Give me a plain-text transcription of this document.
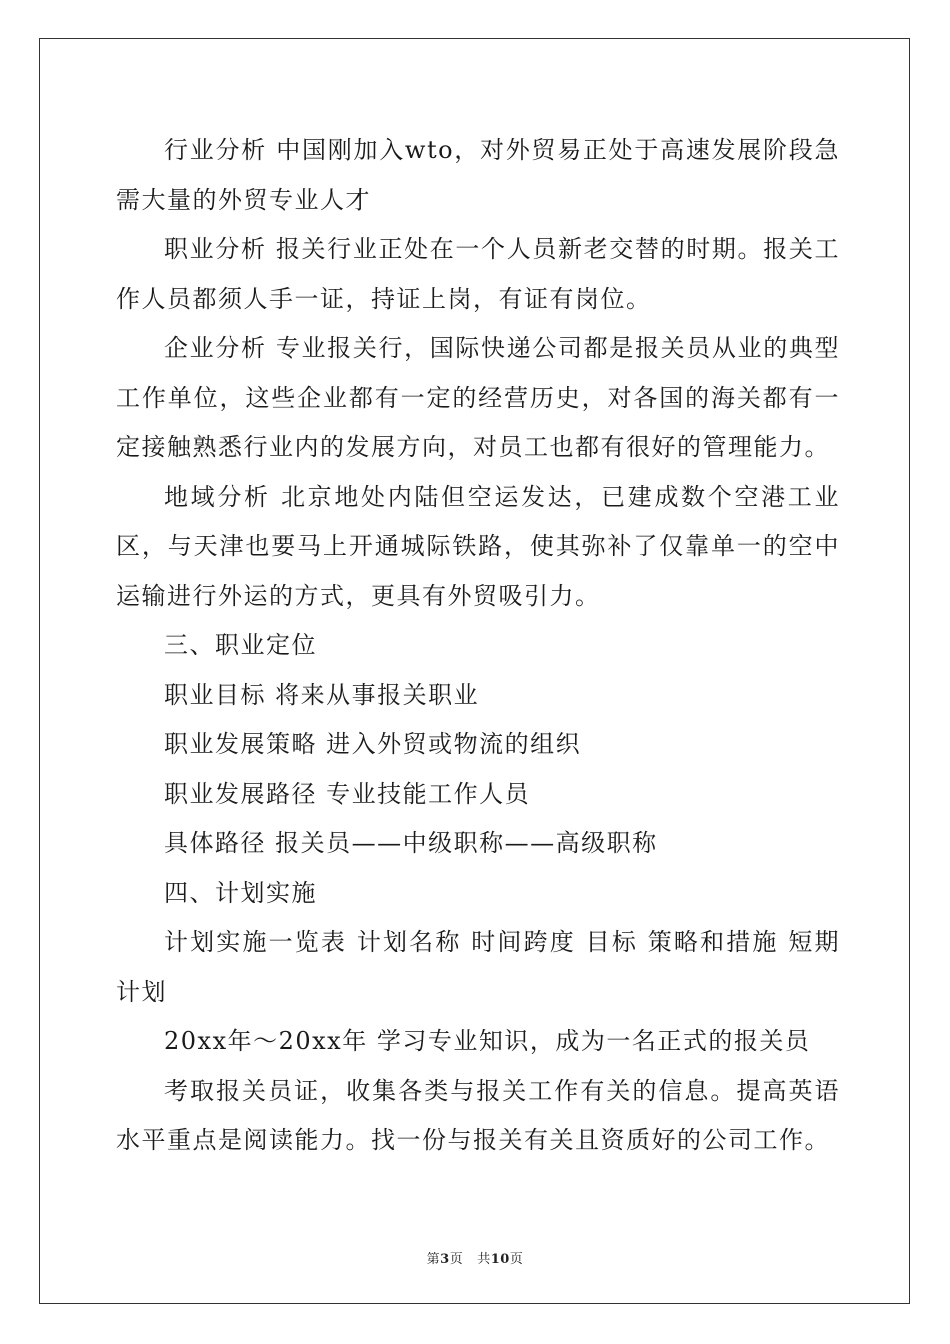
行业分析 中国刚加入wto，对外贸易正处于高速发展阶段急需大量的外贸专业人才

职业分析 报关行业正处在一个人员新老交替的时期。报关工作人员都须人手一证，持证上岗，有证有岗位。

企业分析 专业报关行，国际快递公司都是报关员从业的典型工作单位，这些企业都有一定的经营历史，对各国的海关都有一定接触熟悉行业内的发展方向，对员工也都有很好的管理能力。

地域分析 北京地处内陆但空运发达，已建成数个空港工业区，与天津也要马上开通城际铁路，使其弥补了仅靠单一的空中运输进行外运的方式，更具有外贸吸引力。

三、职业定位

职业目标 将来从事报关职业

职业发展策略 进入外贸或物流的组织

职业发展路径 专业技能工作人员

具体路径 报关员——中级职称——高级职称

四、计划实施

计划实施一览表 计划名称 时间跨度 目标 策略和措施 短期计划

20xx年～20xx年 学习专业知识，成为一名正式的报关员

考取报关员证，收集各类与报关工作有关的信息。提高英语水平重点是阅读能力。找一份与报关有关且资质好的公司工作。

第3页 共10页
